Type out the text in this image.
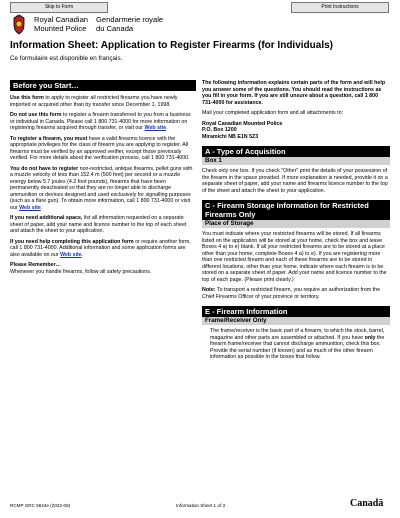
Skip to Form	Print Instructions
Royal Canadian
Mounted Police
Gendarmerie royale
du Canada
Information Sheet: Application to Register Firearms (for Individuals)
Ce formulaire est disponible en français.
Before you Start…

Use this form to apply to register all restricted firearms you have newly imported or acquired other than by transfer since December 1, 1998.

Do not use this form to register a firearm transferred to you from a business or individual in Canada. Please call 1 800 731-4000 for more information on registering firearms acquired through transfer, or visit our Web site.

To register a firearm, you must have a valid firearms licence with the appropriate privileges for the class of firearm you are applying to register. All firearms must be verified by an approved verifier, except those previously verified. For more details about the verification process, call 1 800 731-4000.

You do not have to register non-restricted, antique firearms, pellet guns with a muzzle velocity of less than 152.4 m (500 feet) per second or a muzzle energy below 5.7 joules (4.2 foot pounds), firearms that have been permanently deactivated so that they are no longer able to discharge ammunition or devices designed and used exclusively for signalling purposes (such as a flare gun). To obtain more information, call 1 800 731-4000 or visit our Web site.

If you need additional space, list all information requested on a separate sheet of paper, add your name and licence number to the top of each sheet and attach the sheet to your application.

If you need help completing this application form or require another form, call 1 800 731-4000. Additional information and some application forms are also available on our Web site.

Please Remember…
Whenever you handle firearms, follow all safety precautions.

The following information explains certain parts of the form and will help you answer some of the questions. You should read the instructions as you fill in your form. If you are still unsure about a question, call 1 800 731-4000 for assistance.

Mail your completed application form and all attachments to:

Royal Canadian Mounted Police
P.O. Box 1200
Miramichi NB E1N 5Z3

A - Type of Acquisition
Box 1

Check only one box. If you check "Other" print the details of your possession of the firearm in the space provided. If more explanation is needed, provide it on a separate sheet of paper, add your name and firearms licence number to the top of the sheet and attach the sheet to your application.

C - Firearm Storage Information for Restricted Firearms Only
Place of Storage

You must indicate where your restricted firearms will be stored. If all firearms listed on the application will be stored at your home, check the box and leave Boxes 4 a) to e) blank. If all your restricted firearms are to be stored at a place other than your home, complete Boxes 4 a) to e). If you are registering more than one restricted firearm and each of these firearms are to be stored in different locations, other than your home, indicate where each firearm is to be stored on a separate sheet of paper. Add your name and licence number to the top of each page. (Please print clearly.)

Note: To transport a restricted firearm, you require an authorization from the Chief Firearms Officer of your province or territory.

E - Firearm Information
Frame/Receiver Only

The frame/receiver is the basic part of a firearm, to which the stock, barrel, magazine and other parts are assembled or attached. If you have only the firearm frame/receiver that cannot discharge ammunition, check this box. Provide the serial number (if known) and as much of the other firearm information as possible in the boxes that follow.

RCMP GRC 5624e (2022-09)	Information Sheet 1 of 3	Canadā
